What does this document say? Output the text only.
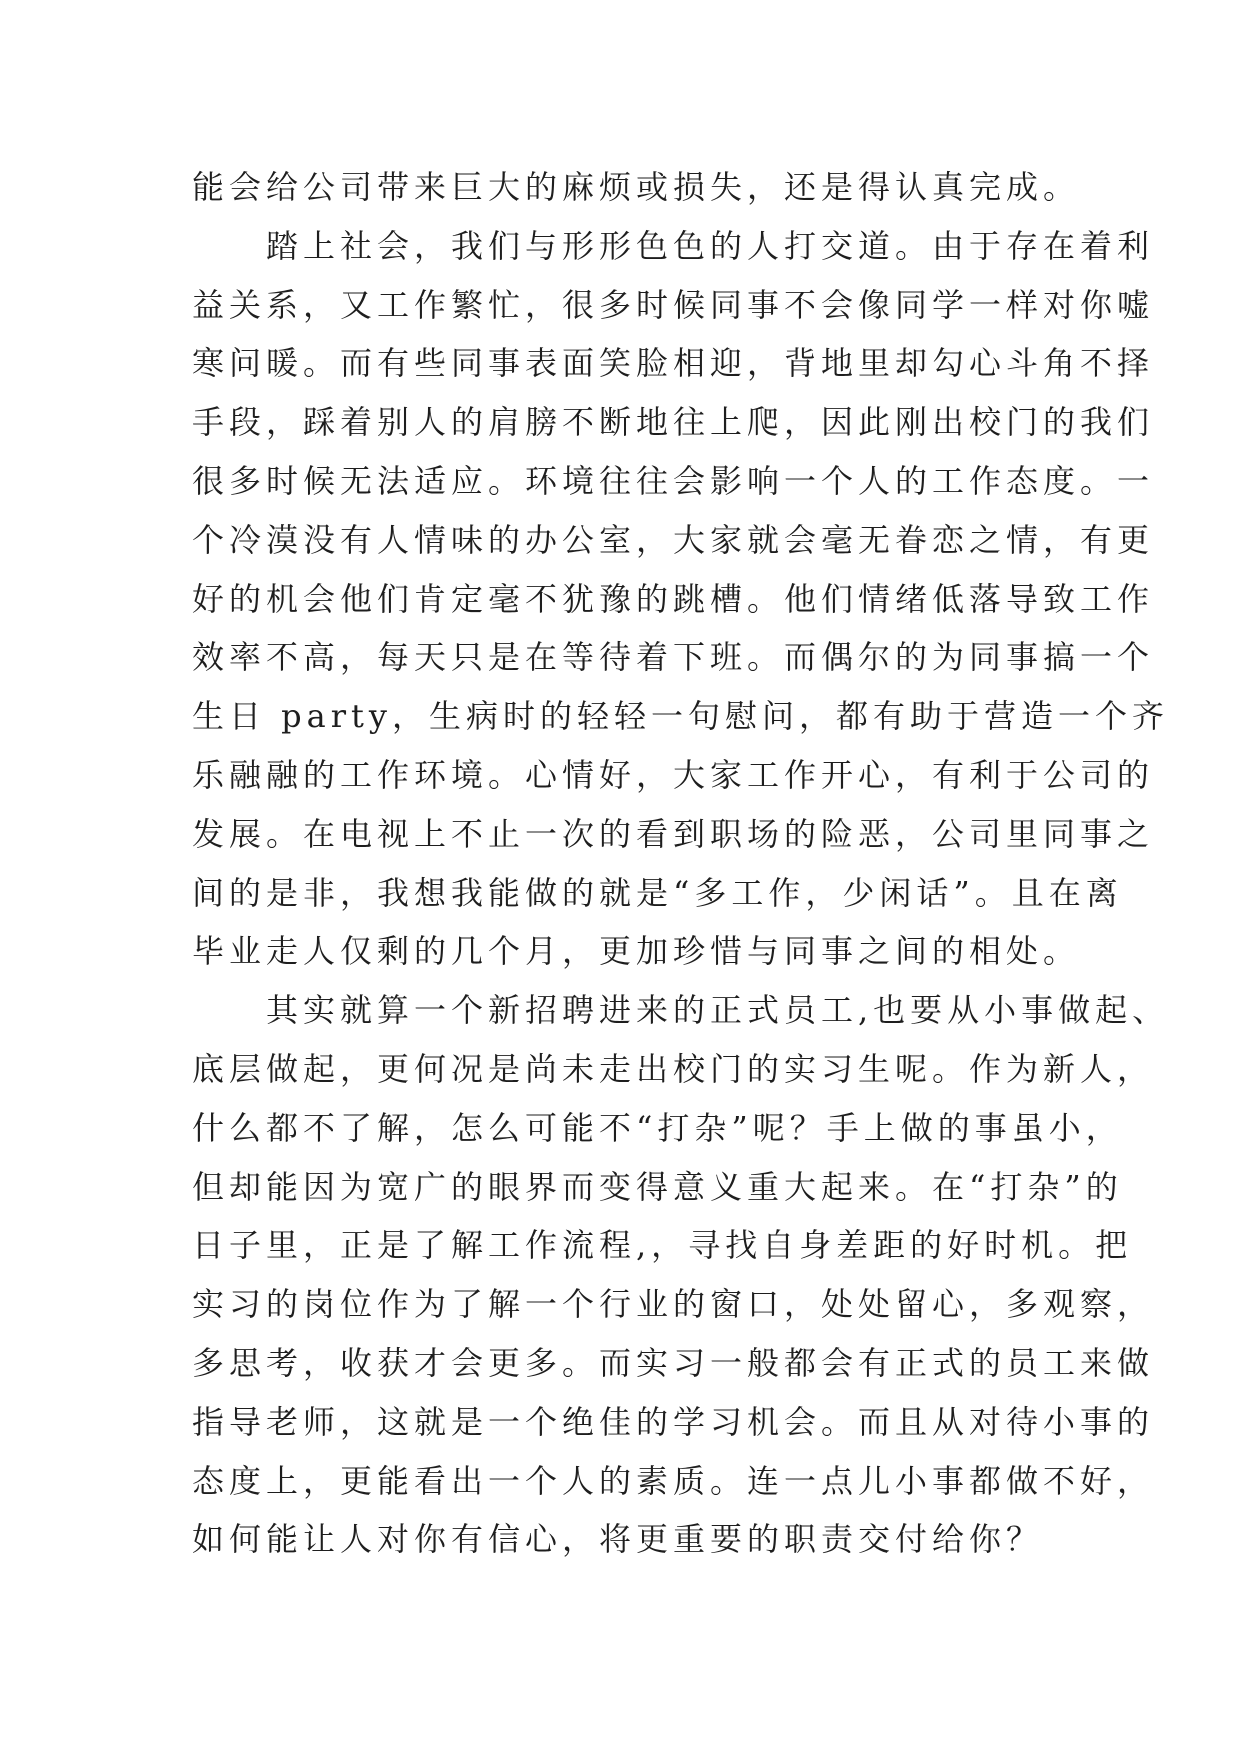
能会给公司带来巨大的麻烦或损失，还是得认真完成。
踏上社会，我们与形形色色的人打交道。由于存在着利
益关系，又工作繁忙，很多时候同事不会像同学一样对你嘘
寒问暖。而有些同事表面笑脸相迎，背地里却勾心斗角不择
手段，踩着别人的肩膀不断地往上爬，因此刚出校门的我们
很多时候无法适应。环境往往会影响一个人的工作态度。一
个冷漠没有人情味的办公室，大家就会毫无眷恋之情，有更
好的机会他们肯定毫不犹豫的跳槽。他们情绪低落导致工作
效率不高，每天只是在等待着下班。而偶尔的为同事搞一个
生日 party，生病时的轻轻一句慰问，都有助于营造一个齐
乐融融的工作环境。心情好，大家工作开心，有利于公司的
发展。在电视上不止一次的看到职场的险恶，公司里同事之
间的是非，我想我能做的就是“多工作，少闲话”。且在离
毕业走人仅剩的几个月，更加珍惜与同事之间的相处。
其实就算一个新招聘进来的正式员工,也要从小事做起、
底层做起，更何况是尚未走出校门的实习生呢。作为新人，
什么都不了解，怎么可能不“打杂”呢？手上做的事虽小，
但却能因为宽广的眼界而变得意义重大起来。在“打杂”的
日子里，正是了解工作流程,，寻找自身差距的好时机。把
实习的岗位作为了解一个行业的窗口，处处留心，多观察，
多思考，收获才会更多。而实习一般都会有正式的员工来做
指导老师，这就是一个绝佳的学习机会。而且从对待小事的
态度上，更能看出一个人的素质。连一点儿小事都做不好，
如何能让人对你有信心，将更重要的职责交付给你？
